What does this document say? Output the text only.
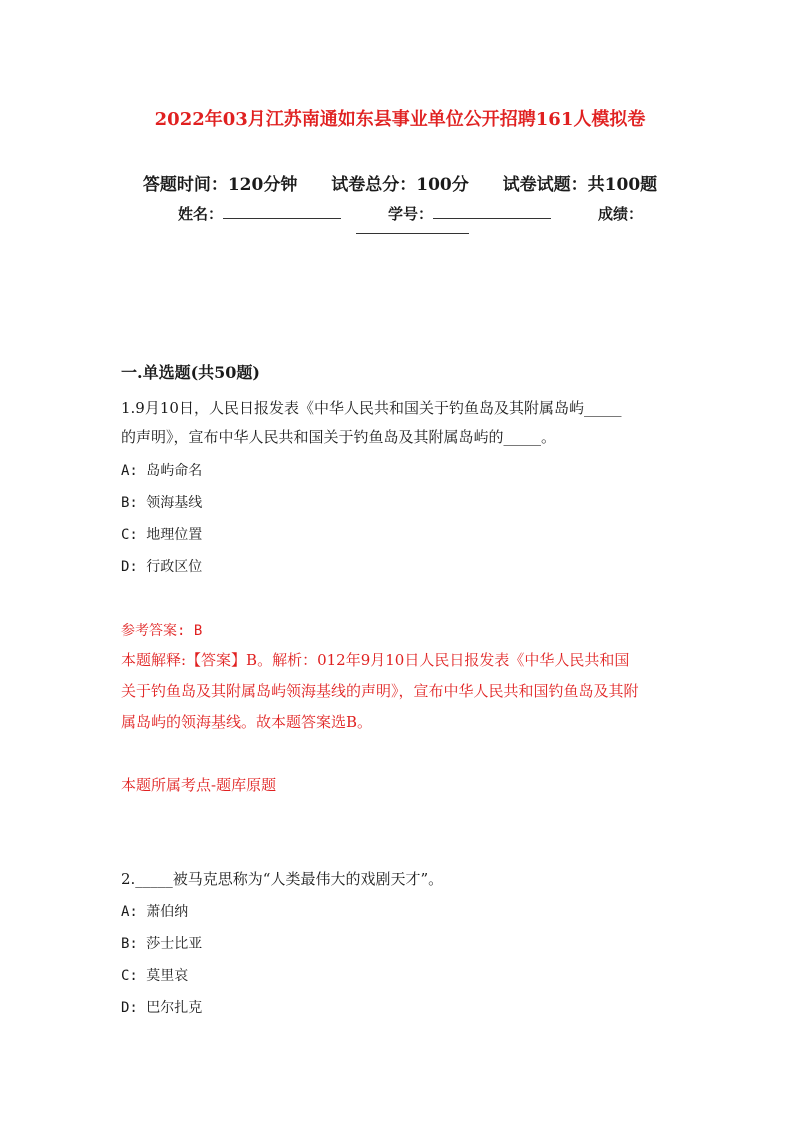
2022年03月江苏南通如东县事业单位公开招聘161人模拟卷
答题时间：120分钟 试卷总分：100分 试卷试题：共100题
姓名：	学号：	成绩：
一.单选题(共50题)
1.9月10日，人民日报发表《中华人民共和国关于钓鱼岛及其附属岛屿_____
的声明》，宣布中华人民共和国关于钓鱼岛及其附属岛屿的_____。
A: 岛屿命名
B: 领海基线
C: 地理位置
D: 行政区位
参考答案: B
本题解释:【答案】B。解析：012年9月10日人民日报发表《中华人民共和国
关于钓鱼岛及其附属岛屿领海基线的声明》，宣布中华人民共和国钓鱼岛及其附
属岛屿的领海基线。故本题答案选B。
本题所属考点-题库原题
2._____被马克思称为“人类最伟大的戏剧天才”。
A: 萧伯纳
B: 莎士比亚
C: 莫里哀
D: 巴尔扎克
